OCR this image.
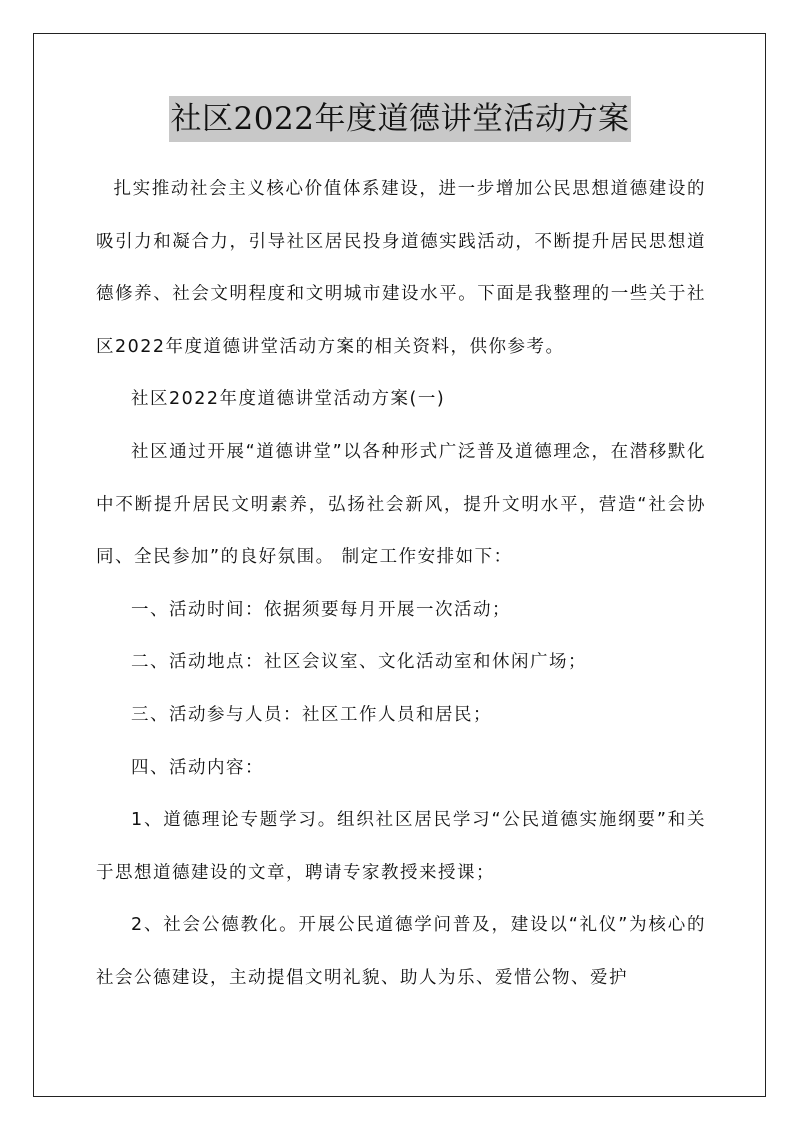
社区2022年度道德讲堂活动方案

扎实推动社会主义核心价值体系建设，进一步增加公民思想道德建设的吸引力和凝合力，引导社区居民投身道德实践活动，不断提升居民思想道德修养、社会文明程度和文明城市建设水平。下面是我整理的一些关于社区2022年度道德讲堂活动方案的相关资料，供你参考。

社区2022年度道德讲堂活动方案(一)

社区通过开展“道德讲堂”以各种形式广泛普及道德理念，在潜移默化中不断提升居民文明素养，弘扬社会新风，提升文明水平，营造“社会协同、全民参加”的良好氛围。 制定工作安排如下：

一、活动时间：依据须要每月开展一次活动；

二、活动地点：社区会议室、文化活动室和休闲广场；

三、活动参与人员：社区工作人员和居民；

四、活动内容：

1、道德理论专题学习。组织社区居民学习“公民道德实施纲要”和关于思想道德建设的文章，聘请专家教授来授课；

2、社会公德教化。开展公民道德学问普及，建设以“礼仪”为核心的社会公德建设，主动提倡文明礼貌、助人为乐、爱惜公物、爱护
